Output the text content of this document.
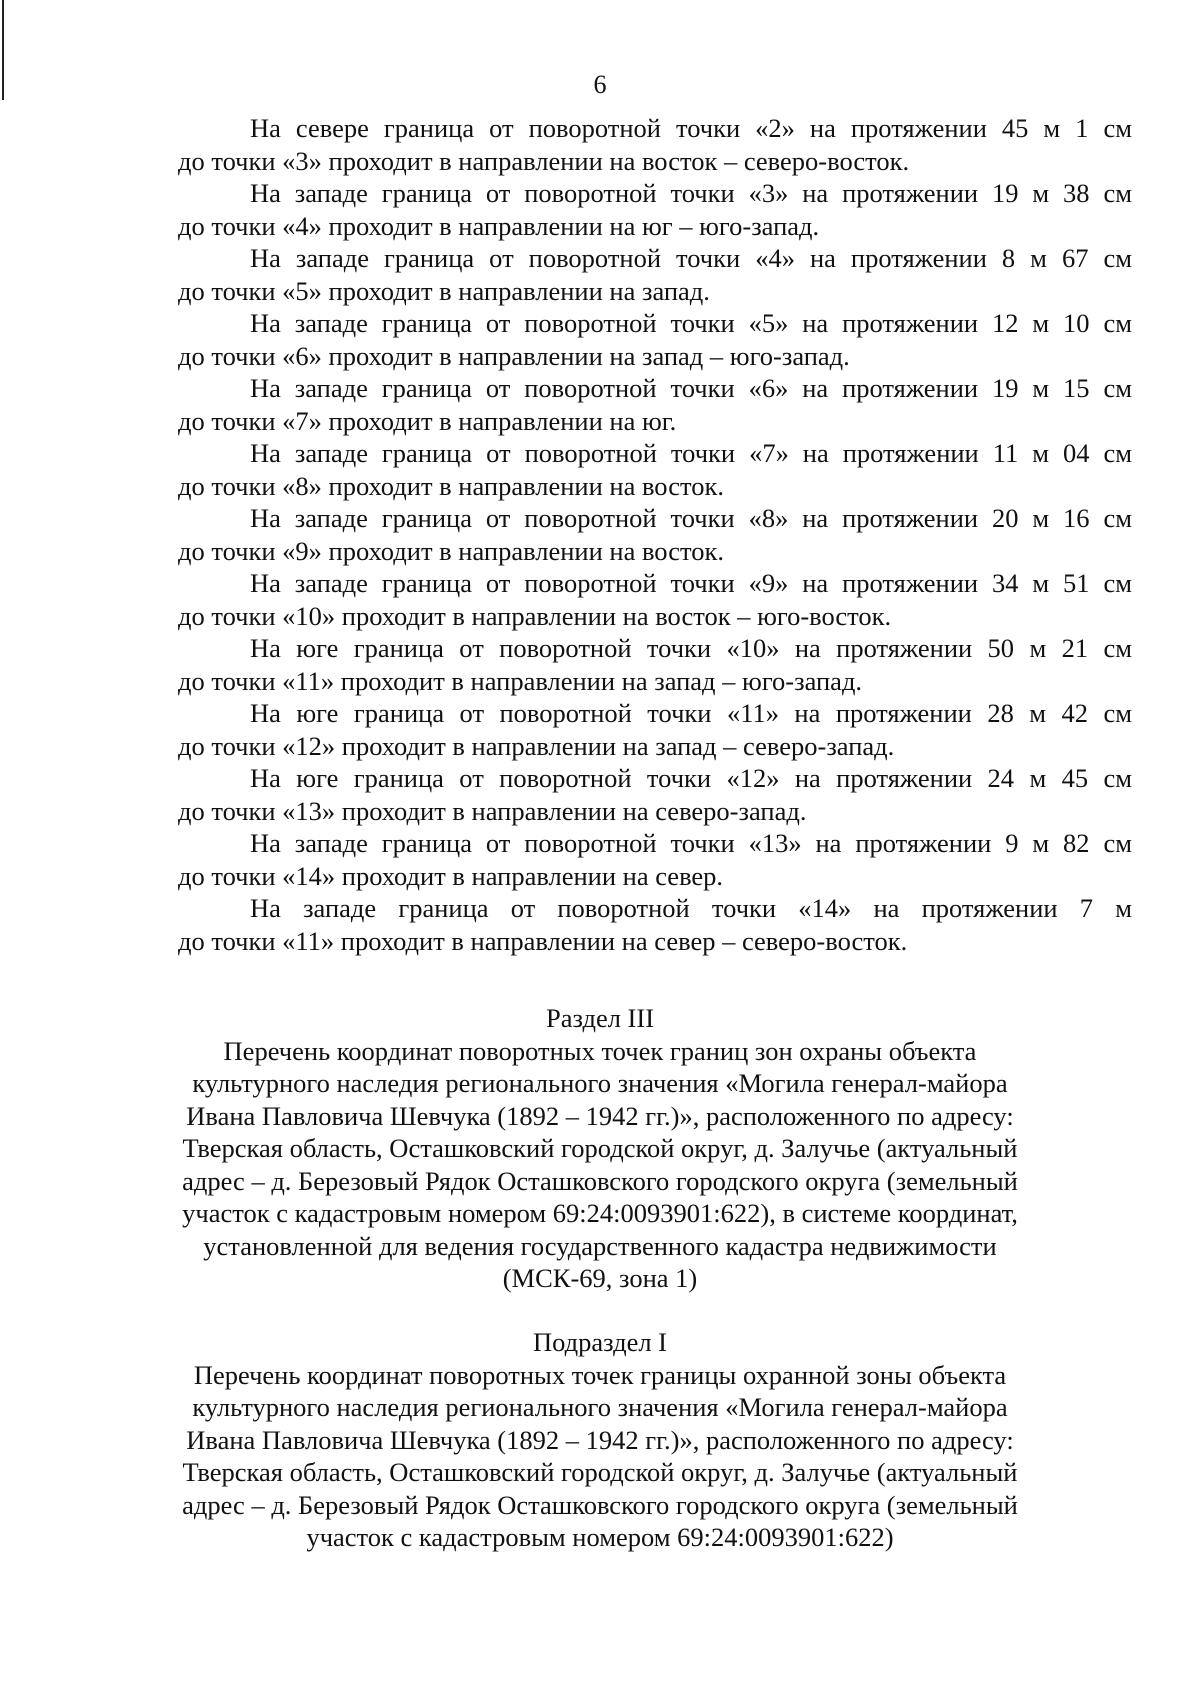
6

На севере граница от поворотной точки «2» на протяжении 45 м 1 см
до точки «3» проходит в направлении на восток – северо-восток.

На западе граница от поворотной точки «3» на протяжении 19 м 38 см
до точки «4» проходит в направлении на юг – юго-запад.

На западе граница от поворотной точки «4» на протяжении 8 м 67 см
до точки «5» проходит в направлении на запад.

На западе граница от поворотной точки «5» на протяжении 12 м 10 см
до точки «6» проходит в направлении на запад – юго-запад.

На западе граница от поворотной точки «6» на протяжении 19 м 15 см
до точки «7» проходит в направлении на юг.

На западе граница от поворотной точки «7» на протяжении 11 м 04 см
до точки «8» проходит в направлении на восток.

На западе граница от поворотной точки «8» на протяжении 20 м 16 см
до точки «9» проходит в направлении на восток.

На западе граница от поворотной точки «9» на протяжении 34 м 51 см
до точки «10» проходит в направлении на восток – юго-восток.

На юге граница от поворотной точки «10» на протяжении 50 м 21 см
до точки «11» проходит в направлении на запад – юго-запад.

На юге граница от поворотной точки «11» на протяжении 28 м 42 см
до точки «12» проходит в направлении на запад – северо-запад.

На юге граница от поворотной точки «12» на протяжении 24 м 45 см
до точки «13» проходит в направлении на северо-запад.

На западе граница от поворотной точки «13» на протяжении 9 м 82 см
до точки «14» проходит в направлении на север.

На западе граница от поворотной точки «14» на протяжении 7 м
до точки «11» проходит в направлении на север – северо-восток.

Раздел III
Перечень координат поворотных точек границ зон охраны объекта
культурного наследия регионального значения «Могила генерал-майора
Ивана Павловича Шевчука (1892 – 1942 гг.)», расположенного по адресу:
Тверская область, Осташковский городской округ, д. Залучье (актуальный
адрес – д. Березовый Рядок Осташковского городского округа (земельный
участок с кадастровым номером 69:24:0093901:622), в системе координат,
установленной для ведения государственного кадастра недвижимости
(МСК-69, зона 1)
Подраздел I
Перечень координат поворотных точек границы охранной зоны объекта
культурного наследия регионального значения «Могила генерал-майора
Ивана Павловича Шевчука (1892 – 1942 гг.)», расположенного по адресу:
Тверская область, Осташковский городской округ, д. Залучье (актуальный
адрес – д. Березовый Рядок Осташковского городского округа (земельный
участок с кадастровым номером 69:24:0093901:622)
